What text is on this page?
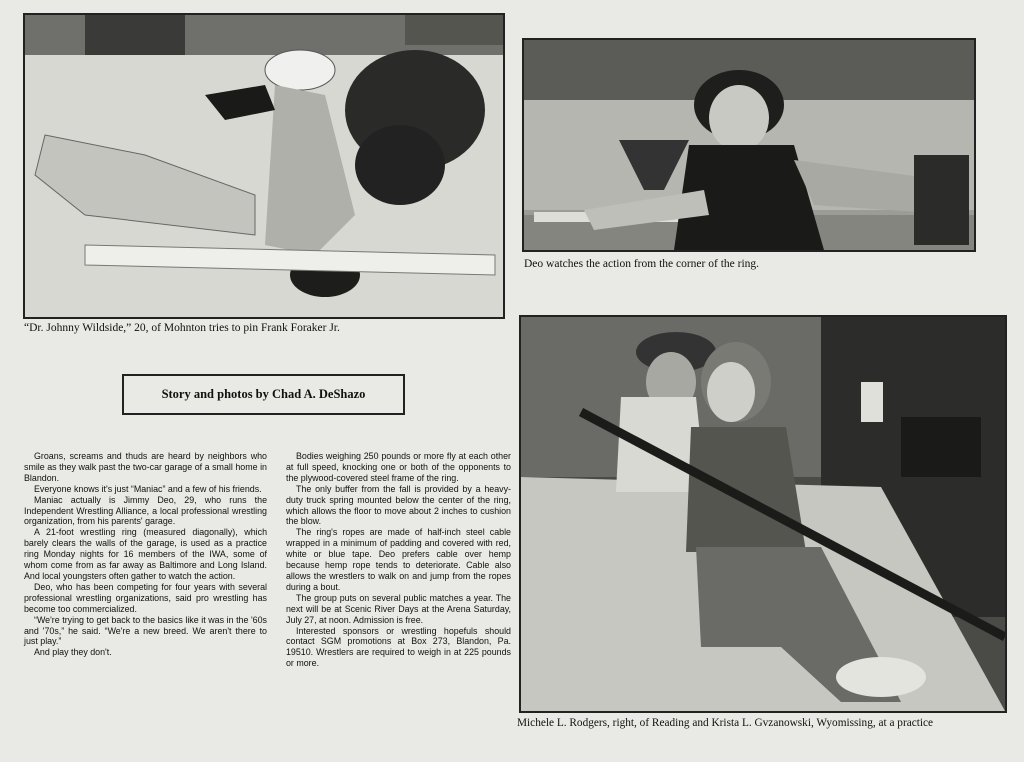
“Dr. Johnny Wildside,” 20, of Mohnton tries to pin Frank Foraker Jr.
Deo watches the action from the corner of the ring.
Michele L. Rodgers, right, of Reading and Krista L. Gvzanowski, Wyomissing, at a practice
Story and photos by Chad A. DeShazo

Groans, screams and thuds are heard by neighbors who smile as they walk past the two-car garage of a small home in Blandon.

Everyone knows it's just “Maniac” and a few of his friends.

Maniac actually is Jimmy Deo, 29, who runs the Independent Wrestling Alliance, a local professional wrestling organization, from his parents' garage.

A 21-foot wrestling ring (measured diagonally), which barely clears the walls of the garage, is used as a practice ring Monday nights for 16 members of the IWA, some of whom come from as far away as Baltimore and Long Island. And local youngsters often gather to watch the action.

Deo, who has been competing for four years with several professional wrestling organizations, said pro wrestling has become too commercialized.

“We're trying to get back to the basics like it was in the '60s and '70s,” he said. “We're a new breed. We aren't there to just play.”

And play they don't.

Bodies weighing 250 pounds or more fly at each other at full speed, knocking one or both of the opponents to the plywood-covered steel frame of the ring.

The only buffer from the fall is provided by a heavy-duty truck spring mounted below the center of the ring, which allows the floor to move about 2 inches to cushion the blow.

The ring's ropes are made of half-inch steel cable wrapped in a minimum of padding and covered with red, white or blue tape. Deo prefers cable over hemp because hemp rope tends to deteriorate. Cable also allows the wrestlers to walk on and jump from the ropes during a bout.

The group puts on several public matches a year. The next will be at Scenic River Days at the Arena Saturday, July 27, at noon. Admission is free.

Interested sponsors or wrestling hopefuls should contact SGM promotions at Box 273, Blandon, Pa. 19510. Wrestlers are required to weigh in at 225 pounds or more.
